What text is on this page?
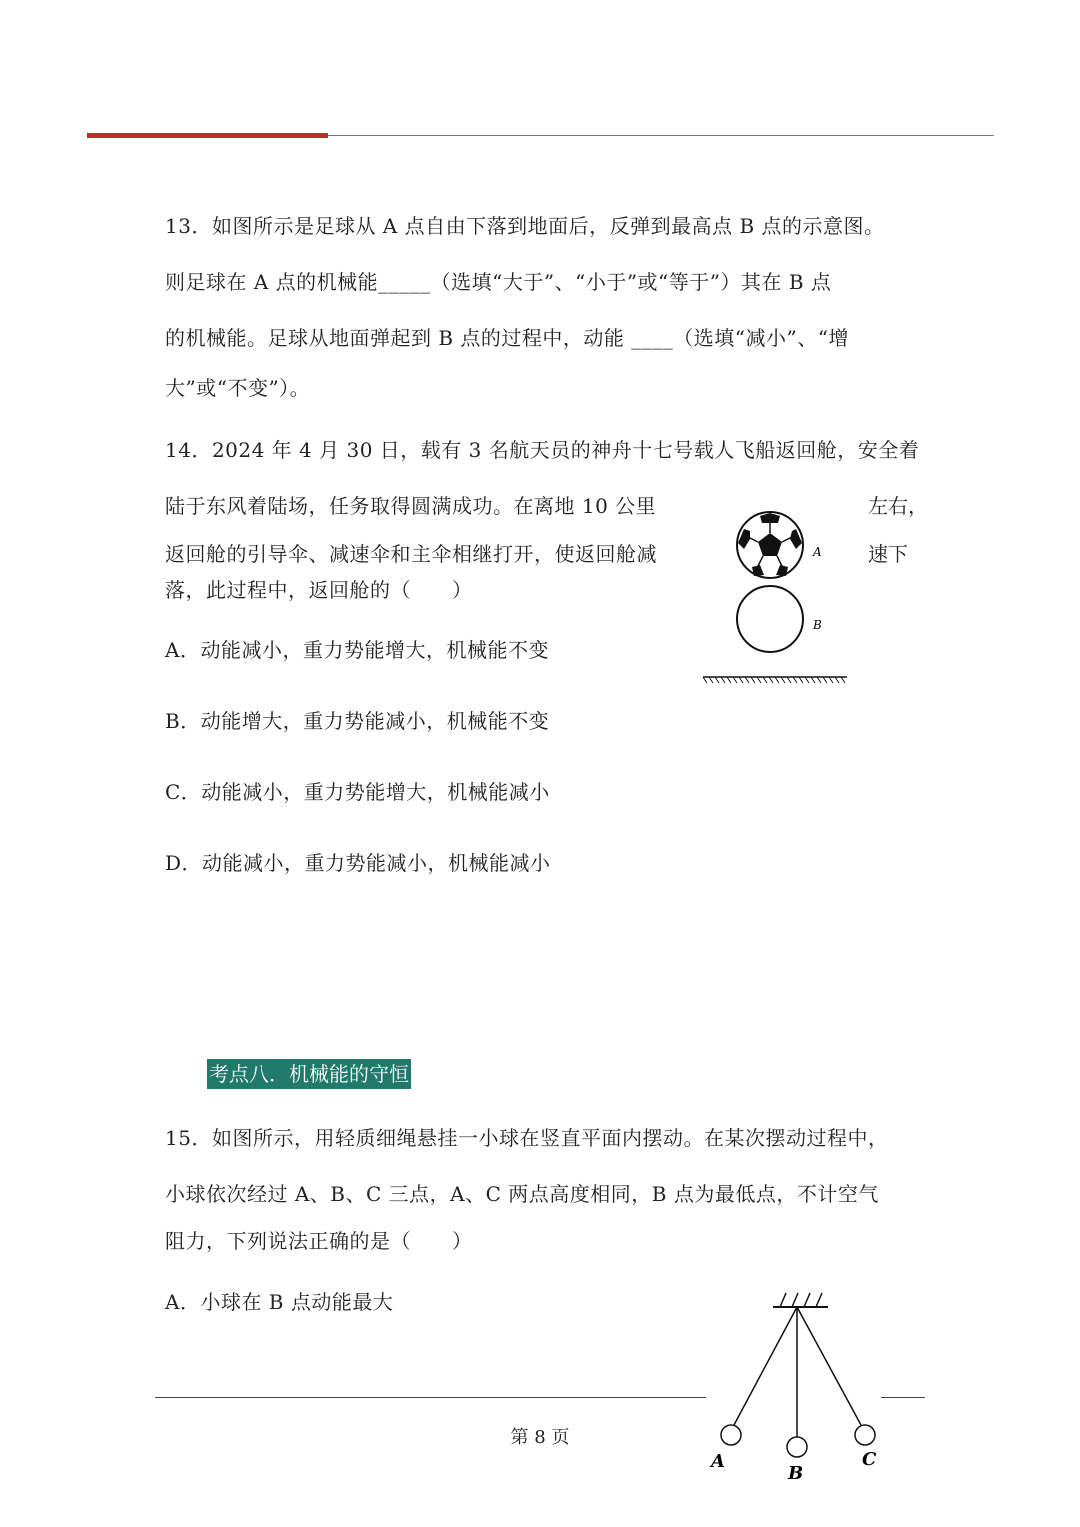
13．如图所示是足球从 A 点自由下落到地面后，反弹到最高点 B 点的示意图。
则足球在 A 点的机械能_____（选填“大于”、“小于”或“等于”）其在 B 点
的机械能。足球从地面弹起到 B 点的过程中，动能 ____（选填“减小”、“增
大”或“不变”）。
14．2024 年 4 月 30 日，载有 3 名航天员的神舟十七号载人飞船返回舱，安全着
陆于东风着陆场，任务取得圆满成功。在离地 10 公里	左右，
返回舱的引导伞、减速伞和主伞相继打开，使返回舱减	速下
落，此过程中，返回舱的（　　）
A．动能减小，重力势能增大，机械能不变
B．动能增大，重力势能减小，机械能不变
C．动能减小，重力势能增大，机械能减小
D．动能减小，重力势能减小，机械能减小
A
B
考点八．机械能的守恒
15．如图所示，用轻质细绳悬挂一小球在竖直平面内摆动。在某次摆动过程中，
小球依次经过 A、B、C 三点，A、C 两点高度相同，B 点为最低点，不计空气
阻力，下列说法正确的是（　　）
A．小球在 B 点动能最大
A
B
C
第 8 页
